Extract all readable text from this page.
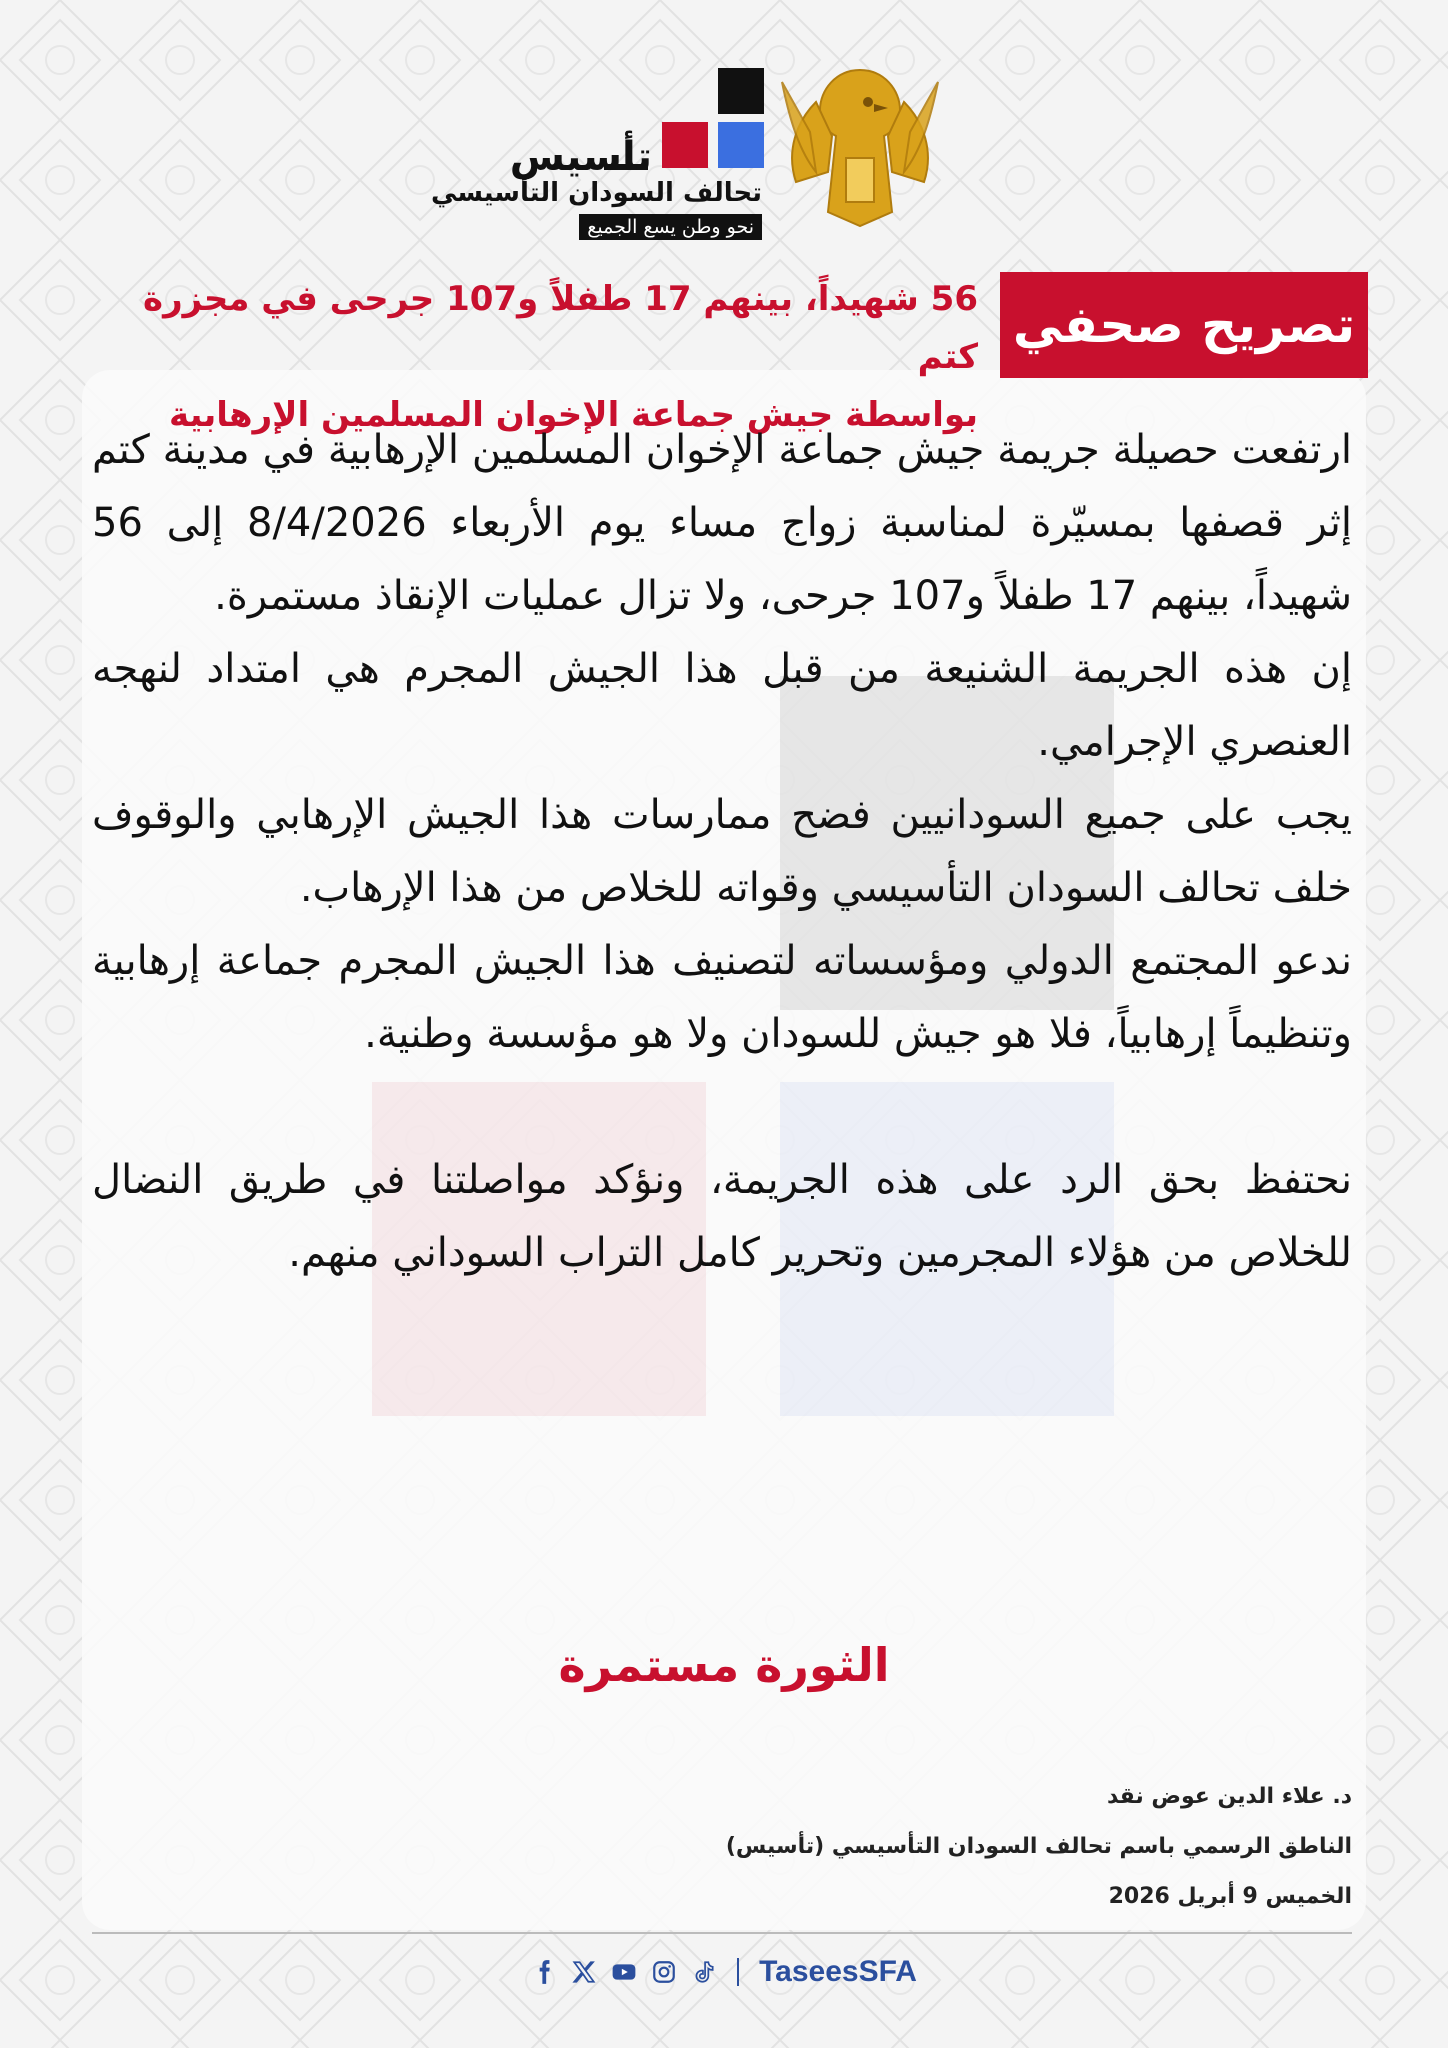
تأسيس
تحالف السودان التأسيسي
نحو وطن يسع الجميع
تصريح صحفي
56 شهيداً، بينهم 17 طفلاً و107 جرحى في مجزرة كتم
بواسطة جيش جماعة الإخوان المسلمين الإرهابية

ارتفعت حصيلة جريمة جيش جماعة الإخوان المسلمين الإرهابية في مدينة كتم إثر قصفها بمسيّرة لمناسبة زواج مساء يوم الأربعاء 8/4/2026 إلى 56 شهيداً، بينهم 17 طفلاً و107 جرحى، ولا تزال عمليات الإنقاذ مستمرة.

إن هذه الجريمة الشنيعة من قبل هذا الجيش المجرم هي امتداد لنهجه العنصري الإجرامي.

يجب على جميع السودانيين فضح ممارسات هذا الجيش الإرهابي والوقوف خلف تحالف السودان التأسيسي وقواته للخلاص من هذا الإرهاب.

ندعو المجتمع الدولي ومؤسساته لتصنيف هذا الجيش المجرم جماعة إرهابية وتنظيماً إرهابياً، فلا هو جيش للسودان ولا هو مؤسسة وطنية.

نحتفظ بحق الرد على هذه الجريمة، ونؤكد مواصلتنا في طريق النضال للخلاص من هؤلاء المجرمين وتحرير كامل التراب السوداني منهم.

الثورة مستمرة
د. علاء الدين عوض نقد
الناطق الرسمي باسم تحالف السودان التأسيسي (تأسيس)
الخميس 9 أبريل 2026
TaseesSFA
